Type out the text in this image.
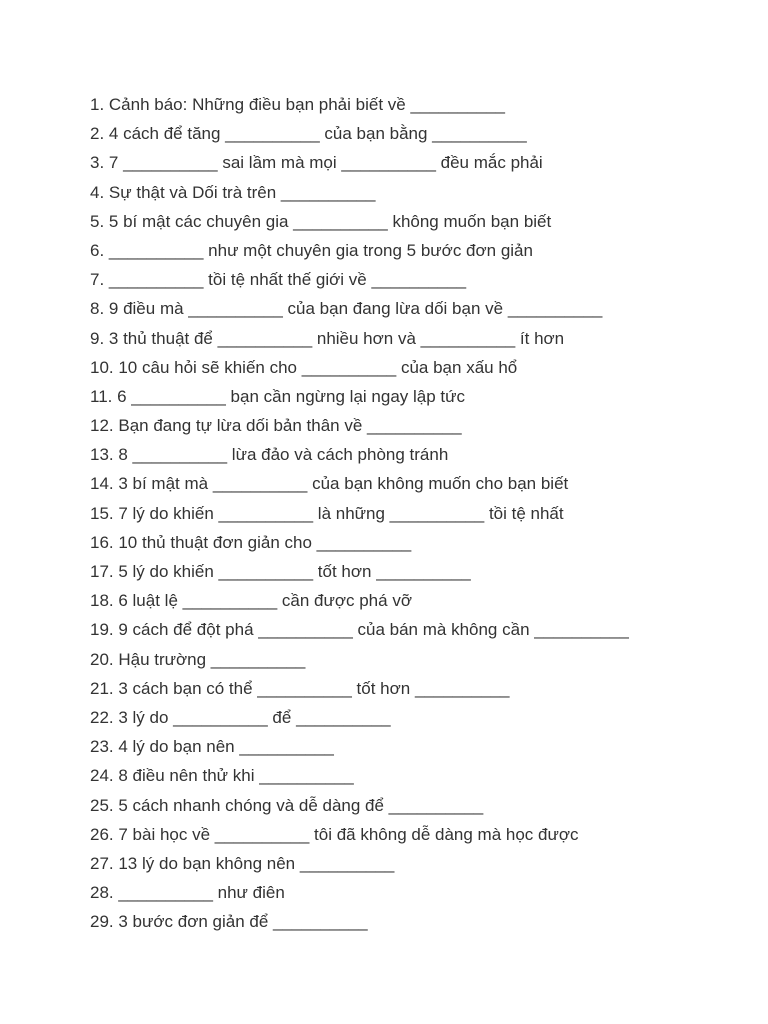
1. Cảnh báo: Những điều bạn phải biết về __________
2. 4 cách để tăng __________ của bạn bằng __________
3. 7 __________ sai lầm mà mọi __________ đều mắc phải
4. Sự thật và Dối trà trên __________
5. 5 bí mật các chuyên gia __________ không muốn bạn biết
6. __________ như một chuyên gia trong 5 bước đơn giản
7. __________ tồi tệ nhất thế giới về __________
8. 9 điều mà __________ của bạn đang lừa dối bạn về __________
9. 3 thủ thuật để __________ nhiều hơn và __________ ít hơn
10. 10 câu hỏi sẽ khiến cho __________ của bạn xấu hổ
11. 6 __________ bạn cần ngừng lại ngay lập tức
12. Bạn đang tự lừa dối bản thân về __________
13. 8 __________ lừa đảo và cách phòng tránh
14. 3 bí mật mà __________ của bạn không muốn cho bạn biết
15. 7 lý do khiến __________ là những __________ tồi tệ nhất
16. 10 thủ thuật đơn giản cho __________
17. 5 lý do khiến __________ tốt hơn __________
18. 6 luật lệ __________ cần được phá vỡ
19. 9 cách để đột phá __________ của bán mà không cần __________
20. Hậu trường __________
21. 3 cách bạn có thể __________ tốt hơn __________
22. 3 lý do __________ để __________
23. 4 lý do bạn nên __________
24. 8 điều nên thử khi __________
25. 5 cách nhanh chóng và dễ dàng để __________
26. 7 bài học về __________ tôi đã không dễ dàng mà học được
27. 13 lý do bạn không nên __________
28. __________ như điên
29. 3 bước đơn giản để __________
